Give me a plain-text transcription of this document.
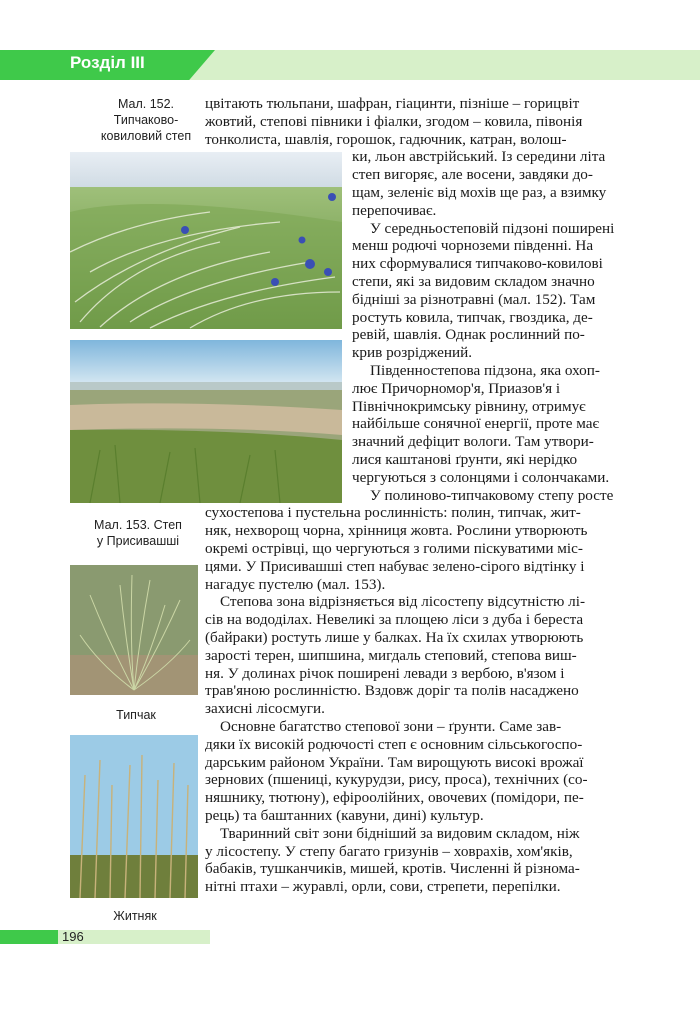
Розділ III
Мал. 152.
Типчаково-
ковиловий степ
Мал. 153. Степ
у Присивашші
Типчак
Житняк
цвітають тюльпани, шафран, гіацинти, пізніше – горицвіт
жовтий, степові півники і фіалки, згодом – ковила, півонія
тонколиста, шавлія, горошок, гадючник, катран, волош-
ки, льон австрійський. Із середини літа
степ вигоряє, але восени, завдяки до-
щам, зеленіє від мохів ще раз, а взимку
перепочиває.
У середньостеповій підзоні поширені
менш родючі чорноземи південні. На
них сформувалися типчаково-ковилові
степи, які за видовим складом значно
бідніші за різнотравні (мал. 152). Там
ростуть ковила, типчак, гвоздика, де-
ревій, шавлія. Однак рослинний по-
крив розріджений.
Південностепова підзона, яка охоп-
лює Причорномор'я, Приазов'я і
Північнокримську рівнину, отримує
найбільше сонячної енергії, проте має
значний дефіцит вологи. Там утвори-
лися каштанові ґрунти, які нерідко
чергуються з солонцями і солончаками.
У полиново-типчаковому степу росте
сухостепова і пустельна рослинність: полин, типчак, жит-
няк, нехворощ чорна, хрінниця жовта. Рослини утворюють
окремі острівці, що чергуються з голими піскуватими міс-
цями. У Присивашші степ набуває зелено-сірого відтінку і
нагадує пустелю (мал. 153).
Степова зона відрізняється від лісостепу відсутністю лі-
сів на вододілах. Невеликі за площею ліси з дуба і береста
(байраки) ростуть лише у балках. На їх схилах утворюють
зарості терен, шипшина, мигдаль степовий, степова виш-
ня. У долинах річок поширені левади з вербою, в'язом і
трав'яною рослинністю. Вздовж доріг та полів насаджено
захисні лісосмуги.
Основне багатство степової зони – ґрунти. Саме зав-
дяки їх високій родючості степ є основним сільськогоспо-
дарським районом України. Там вирощують високі врожаї
зернових (пшениці, кукурудзи, рису, проса), технічних (со-
няшнику, тютюну), ефіроолійних, овочевих (помідори, пе-
рець) та баштанних (кавуни, дині) культур.
Тваринний світ зони бідніший за видовим складом, ніж
у лісостепу. У степу багато гризунів – ховрахів, хом'яків,
бабаків, тушканчиків, мишей, кротів. Численні й різнома-
нітні птахи – журавлі, орли, сови, стрепети, перепілки.
196
